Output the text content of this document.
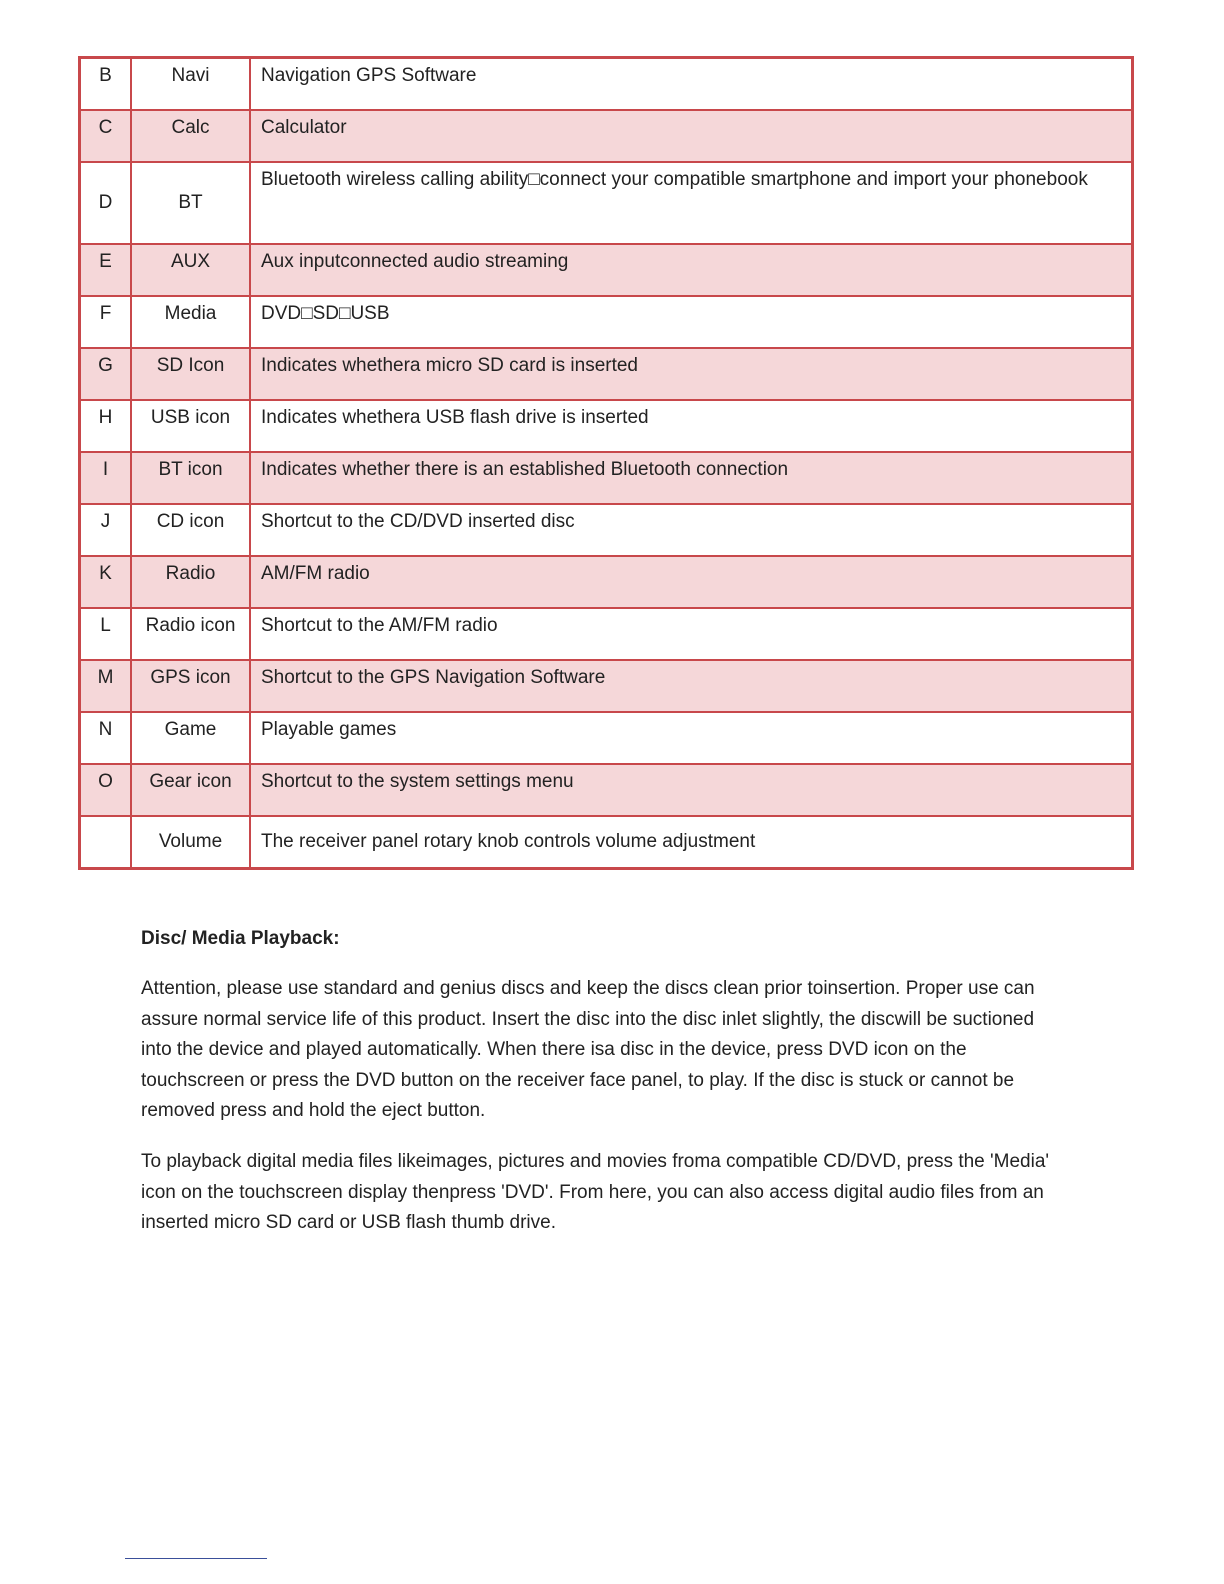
B	Navi	Navigation GPS Software
C	Calc	Calculator
D	BT	Bluetooth wireless calling ability□connect your compatible smartphone and import your phonebook
E	AUX	Aux inputconnected audio streaming
F	Media	DVD□SD□USB
G	SD Icon	Indicates whethera micro SD card is inserted
H	USB icon	Indicates whethera USB flash drive is inserted
I	BT icon	Indicates whether there is an established Bluetooth connection
J	CD icon	Shortcut to the CD/DVD inserted disc
K	Radio	AM/FM radio
L	Radio icon	Shortcut to the AM/FM radio
M	GPS icon	Shortcut to the GPS Navigation Software
N	Game	Playable games
O	Gear icon	Shortcut to the system settings menu
	Volume	The receiver panel rotary knob controls volume adjustment
Disc/ Media Playback:

Attention, please use standard and genius discs and keep the discs clean prior toinsertion. Proper use can assure normal service life of this product. Insert the disc into the disc inlet slightly, the discwill be suctioned into the device and played automatically. When there isa disc in the device, press DVD icon on the touchscreen or press the DVD button on the receiver face panel, to play. If the disc is stuck or cannot be removed press and hold the eject button.

To playback digital media files likeimages, pictures and movies froma compatible CD/DVD, press the 'Media' icon on the touchscreen display thenpress 'DVD'. From here, you can also access digital audio files from an inserted micro SD card or USB flash thumb drive.
